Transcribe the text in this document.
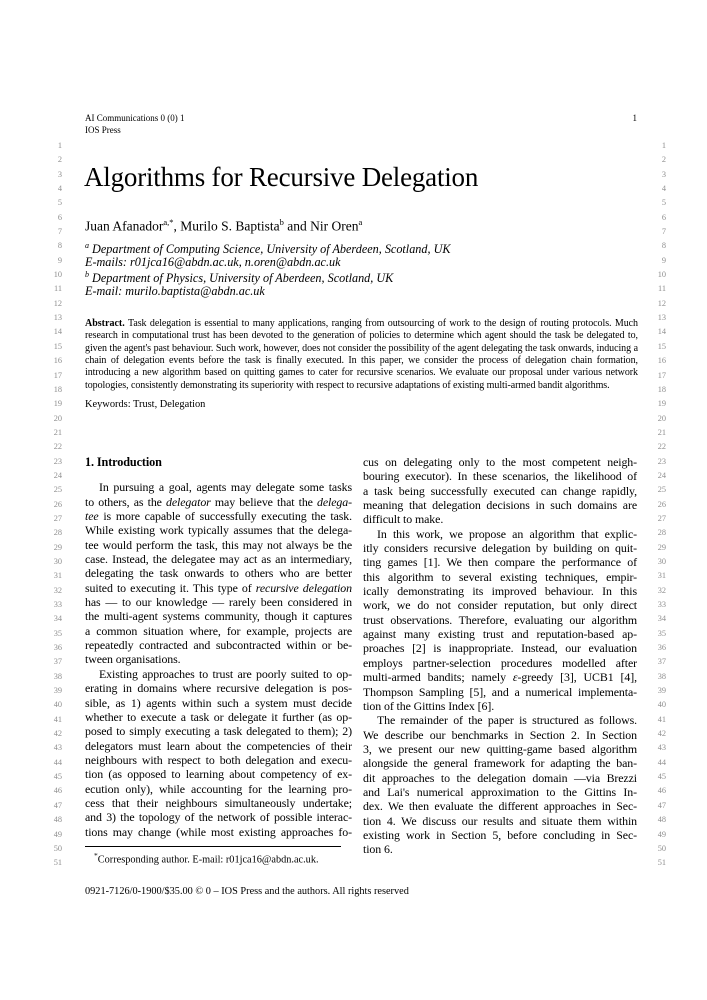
1
2
3
4
5
6
7
8
9
10
11
12
13
14
15
16
17
18
19
20
21
22
23
24
25
26
27
28
29
30
31
32
33
34
35
36
37
38
39
40
41
42
43
44
45
46
47
48
49
50
51
1
2
3
4
5
6
7
8
9
10
11
12
13
14
15
16
17
18
19
20
21
22
23
24
25
26
27
28
29
30
31
32
33
34
35
36
37
38
39
40
41
42
43
44
45
46
47
48
49
50
51
AI Communications 0 (0) 1
IOS Press
1
Algorithms for Recursive Delegation
Juan Afanador$^{a,*}$, Murilo S. Baptista$^b$ and Nir Oren$^a$
$^a$ Department of Computing Science, University of Aberdeen, Scotland, UK
E-mails: r01jca16@abdn.ac.uk, n.oren@abdn.ac.uk
$^b$ Department of Physics, University of Aberdeen, Scotland, UK
E-mail: murilo.baptista@abdn.ac.uk
Abstract. Task delegation is essential to many applications, ranging from outsourcing of work to the design of routing protocols. Much research in computational trust has been devoted to the generation of policies to determine which agent should the task be delegated to, given the agent's past behaviour. Such work, however, does not consider the possibility of the agent delegating the task onwards, inducing a chain of delegation events before the task is finally executed. In this paper, we consider the process of delegation chain formation, introducing a new algorithm based on quitting games to cater for recursive scenarios. We evaluate our proposal under various network topologies, consistently demonstrating its superiority with respect to recursive adaptations of existing multi-armed bandit algorithms.
Keywords: Trust, Delegation
1. Introduction
In pursuing a goal, agents may delegate some tasks
to others, as the delegator may believe that the delega-
tee is more capable of successfully executing the task.
While existing work typically assumes that the delega-
tee would perform the task, this may not always be the
case. Instead, the delegatee may act as an intermediary,
delegating the task onwards to others who are better
suited to executing it. This type of recursive delegation
has — to our knowledge — rarely been considered in
the multi-agent systems community, though it captures
a common situation where, for example, projects are
repeatedly contracted and subcontracted within or be-
tween organisations.
Existing approaches to trust are poorly suited to op-
erating in domains where recursive delegation is pos-
sible, as 1) agents within such a system must decide
whether to execute a task or delegate it further (as op-
posed to simply executing a task delegated to them); 2)
delegators must learn about the competencies of their
neighbours with respect to both delegation and execu-
tion (as opposed to learning about competency of ex-
ecution only), while accounting for the learning pro-
cess that their neighbours simultaneously undertake;
and 3) the topology of the network of possible interac-
tions may change (while most existing approaches fo-
cus on delegating only to the most competent neigh-
bouring executor). In these scenarios, the likelihood of
a task being successfully executed can change rapidly,
meaning that delegation decisions in such domains are
difficult to make.
In this work, we propose an algorithm that explic-
itly considers recursive delegation by building on quit-
ting games [1]. We then compare the performance of
this algorithm to several existing techniques, empir-
ically demonstrating its improved behaviour. In this
work, we do not consider reputation, but only direct
trust observations. Therefore, evaluating our algorithm
against many existing trust and reputation-based ap-
proaches [2] is inappropriate. Instead, our evaluation
employs partner-selection procedures modelled after
multi-armed bandits; namely ε-greedy [3], UCB1 [4],
Thompson Sampling [5], and a numerical implementa-
tion of the Gittins Index [6].
The remainder of the paper is structured as follows.
We describe our benchmarks in Section 2. In Section
3, we present our new quitting-game based algorithm
alongside the general framework for adapting the ban-
dit approaches to the delegation domain —via Brezzi
and Lai's numerical approximation to the Gittins In-
dex. We then evaluate the different approaches in Sec-
tion 4. We discuss our results and situate them within
existing work in Section 5, before concluding in Sec-
tion 6.
*Corresponding author. E-mail: r01jca16@abdn.ac.uk.
0921-7126/0-1900/$35.00 © 0 – IOS Press and the authors. All rights reserved
